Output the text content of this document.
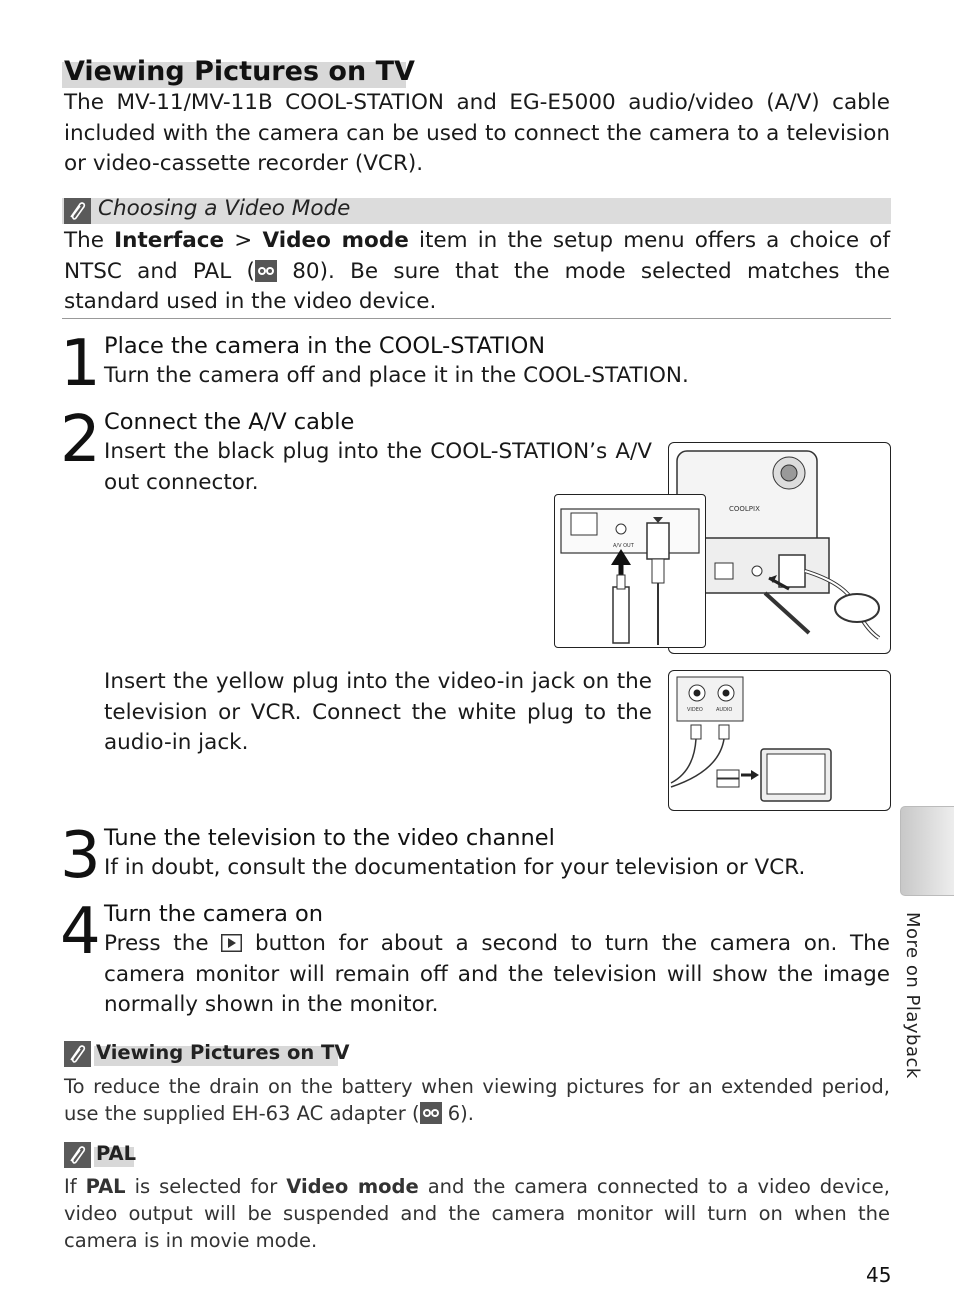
Viewing Pictures on TV
The MV-11/MV-11B COOL-STATION and EG-E5000 audio/video (A/V) cable included with the camera can be used to connect the camera to a television or video-cassette recorder (VCR).
Choosing a Video Mode
The Interface > Video mode item in the setup menu offers a choice of NTSC and PAL ( 80). Be sure that the mode selected matches the standard used in the video device.
1 Place the camera in the COOL-STATION
Turn the camera off and place it in the COOL-STATION.
2 Connect the A/V cable
Insert the black plug into the COOL-STATION’s A/V out connector.
COOLPIX
A/V OUT
Insert the yellow plug into the video-in jack on the television or VCR. Connect the white plug to the audio-in jack.
VIDEO	AUDIO
3 Tune the television to the video channel
If in doubt, consult the documentation for your television or VCR.
4 Turn the camera on
Press the  button for about a second to turn the camera on. The camera monitor will remain off and the television will show the image normally shown in the monitor.
Viewing Pictures on TV
To reduce the drain on the battery when viewing pictures for an extended period, use the supplied EH-63 AC adapter ( 6).
PAL
If PAL is selected for Video mode and the camera connected to a video device, video output will be suspended and the camera monitor will turn on when the camera is in movie mode.
More on Playback
45
